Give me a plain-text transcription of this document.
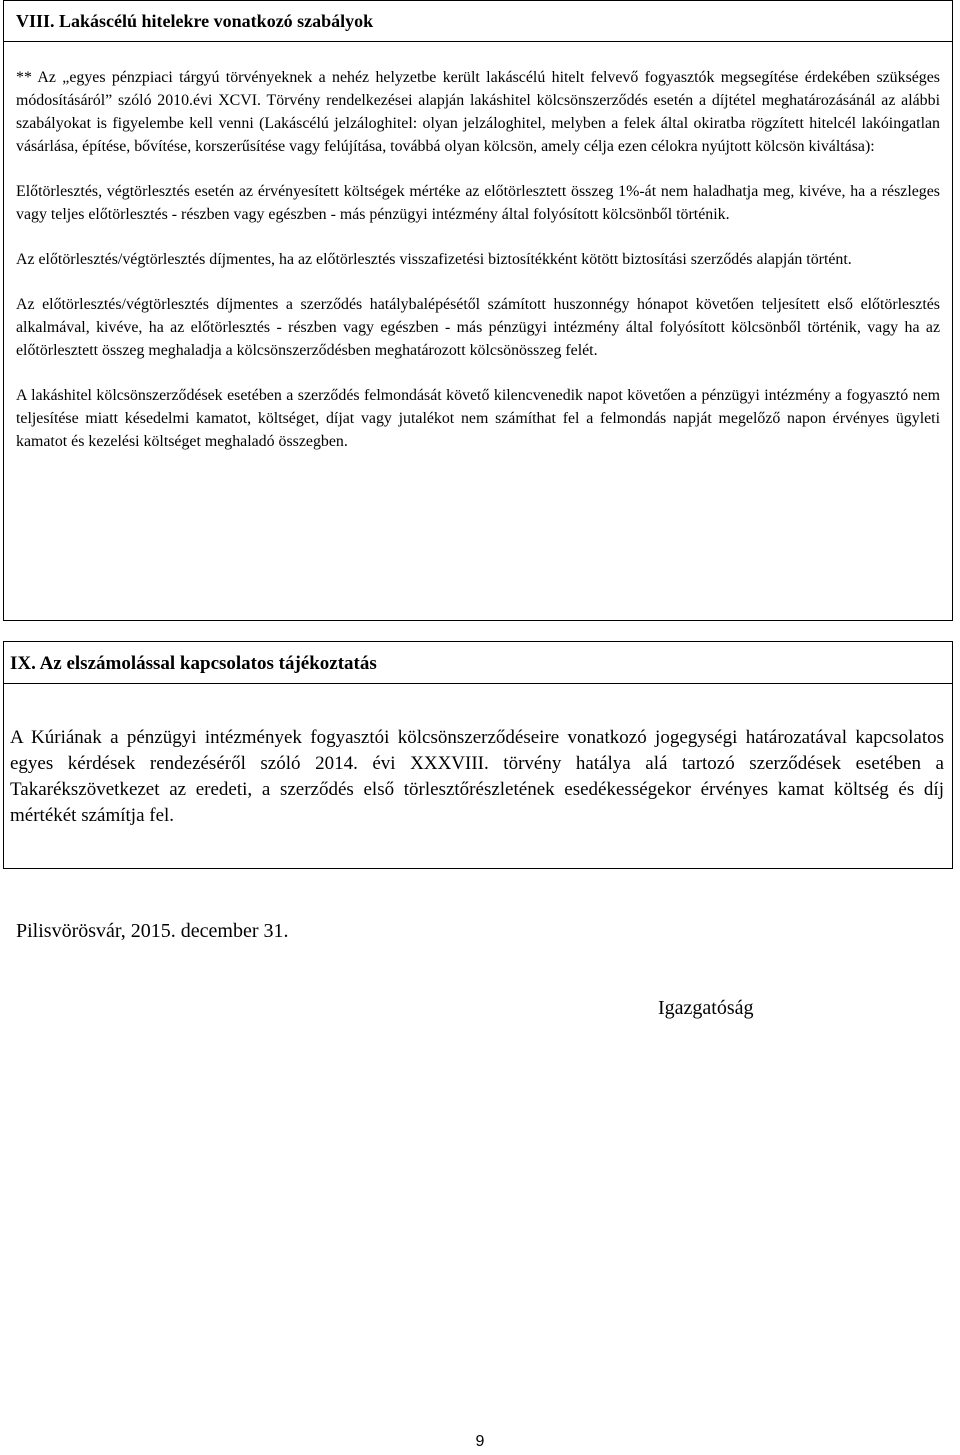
VIII. Lakáscélú hitelekre vonatkozó szabályok

** Az „egyes pénzpiaci tárgyú törvényeknek a nehéz helyzetbe került lakáscélú hitelt felvevő fogyasztók megsegítése érdekében szükséges módosításáról” szóló 2010.évi XCVI. Törvény rendelkezései alapján lakáshitel kölcsönszerződés esetén a díjtétel meghatározásánál az alábbi szabályokat is figyelembe kell venni (Lakáscélú jelzáloghitel: olyan jelzáloghitel, melyben a felek által okiratba rögzített hitelcél lakóingatlan vásárlása, építése, bővítése, korszerűsítése vagy felújítása, továbbá olyan kölcsön, amely célja ezen célokra nyújtott kölcsön kiváltása):

Előtörlesztés, végtörlesztés esetén az érvényesített költségek mértéke az előtörlesztett összeg 1%-át nem haladhatja meg, kivéve, ha a részleges vagy teljes előtörlesztés - részben vagy egészben - más pénzügyi intézmény által folyósított kölcsönből történik.

Az előtörlesztés/végtörlesztés díjmentes, ha az előtörlesztés visszafizetési biztosítékként kötött biztosítási szerződés alapján történt.

Az előtörlesztés/végtörlesztés díjmentes a szerződés hatálybalépésétől számított huszonnégy hónapot követően teljesített első előtörlesztés alkalmával, kivéve, ha az előtörlesztés - részben vagy egészben - más pénzügyi intézmény által folyósított kölcsönből történik, vagy ha az előtörlesztett összeg meghaladja a kölcsönszerződésben meghatározott kölcsönösszeg felét.

A lakáshitel kölcsönszerződések esetében a szerződés felmondását követő kilencvenedik napot követően a pénzügyi intézmény a fogyasztó nem teljesítése miatt késedelmi kamatot, költséget, díjat vagy jutalékot nem számíthat fel a felmondás napját megelőző napon érvényes ügyleti kamatot és kezelési költséget meghaladó összegben.

IX. Az elszámolással kapcsolatos tájékoztatás

A Kúriának a pénzügyi intézmények fogyasztói kölcsönszerződéseire vonatkozó jogegységi határozatával kapcsolatos egyes kérdések rendezéséről szóló 2014. évi XXXVIII. törvény hatálya alá tartozó szerződések esetében a Takarékszövetkezet az eredeti, a szerződés első törlesztőrészletének esedékességekor érvényes kamat költség és díj mértékét számítja fel.

Pilisvörösvár, 2015. december 31.
Igazgatóság
9
